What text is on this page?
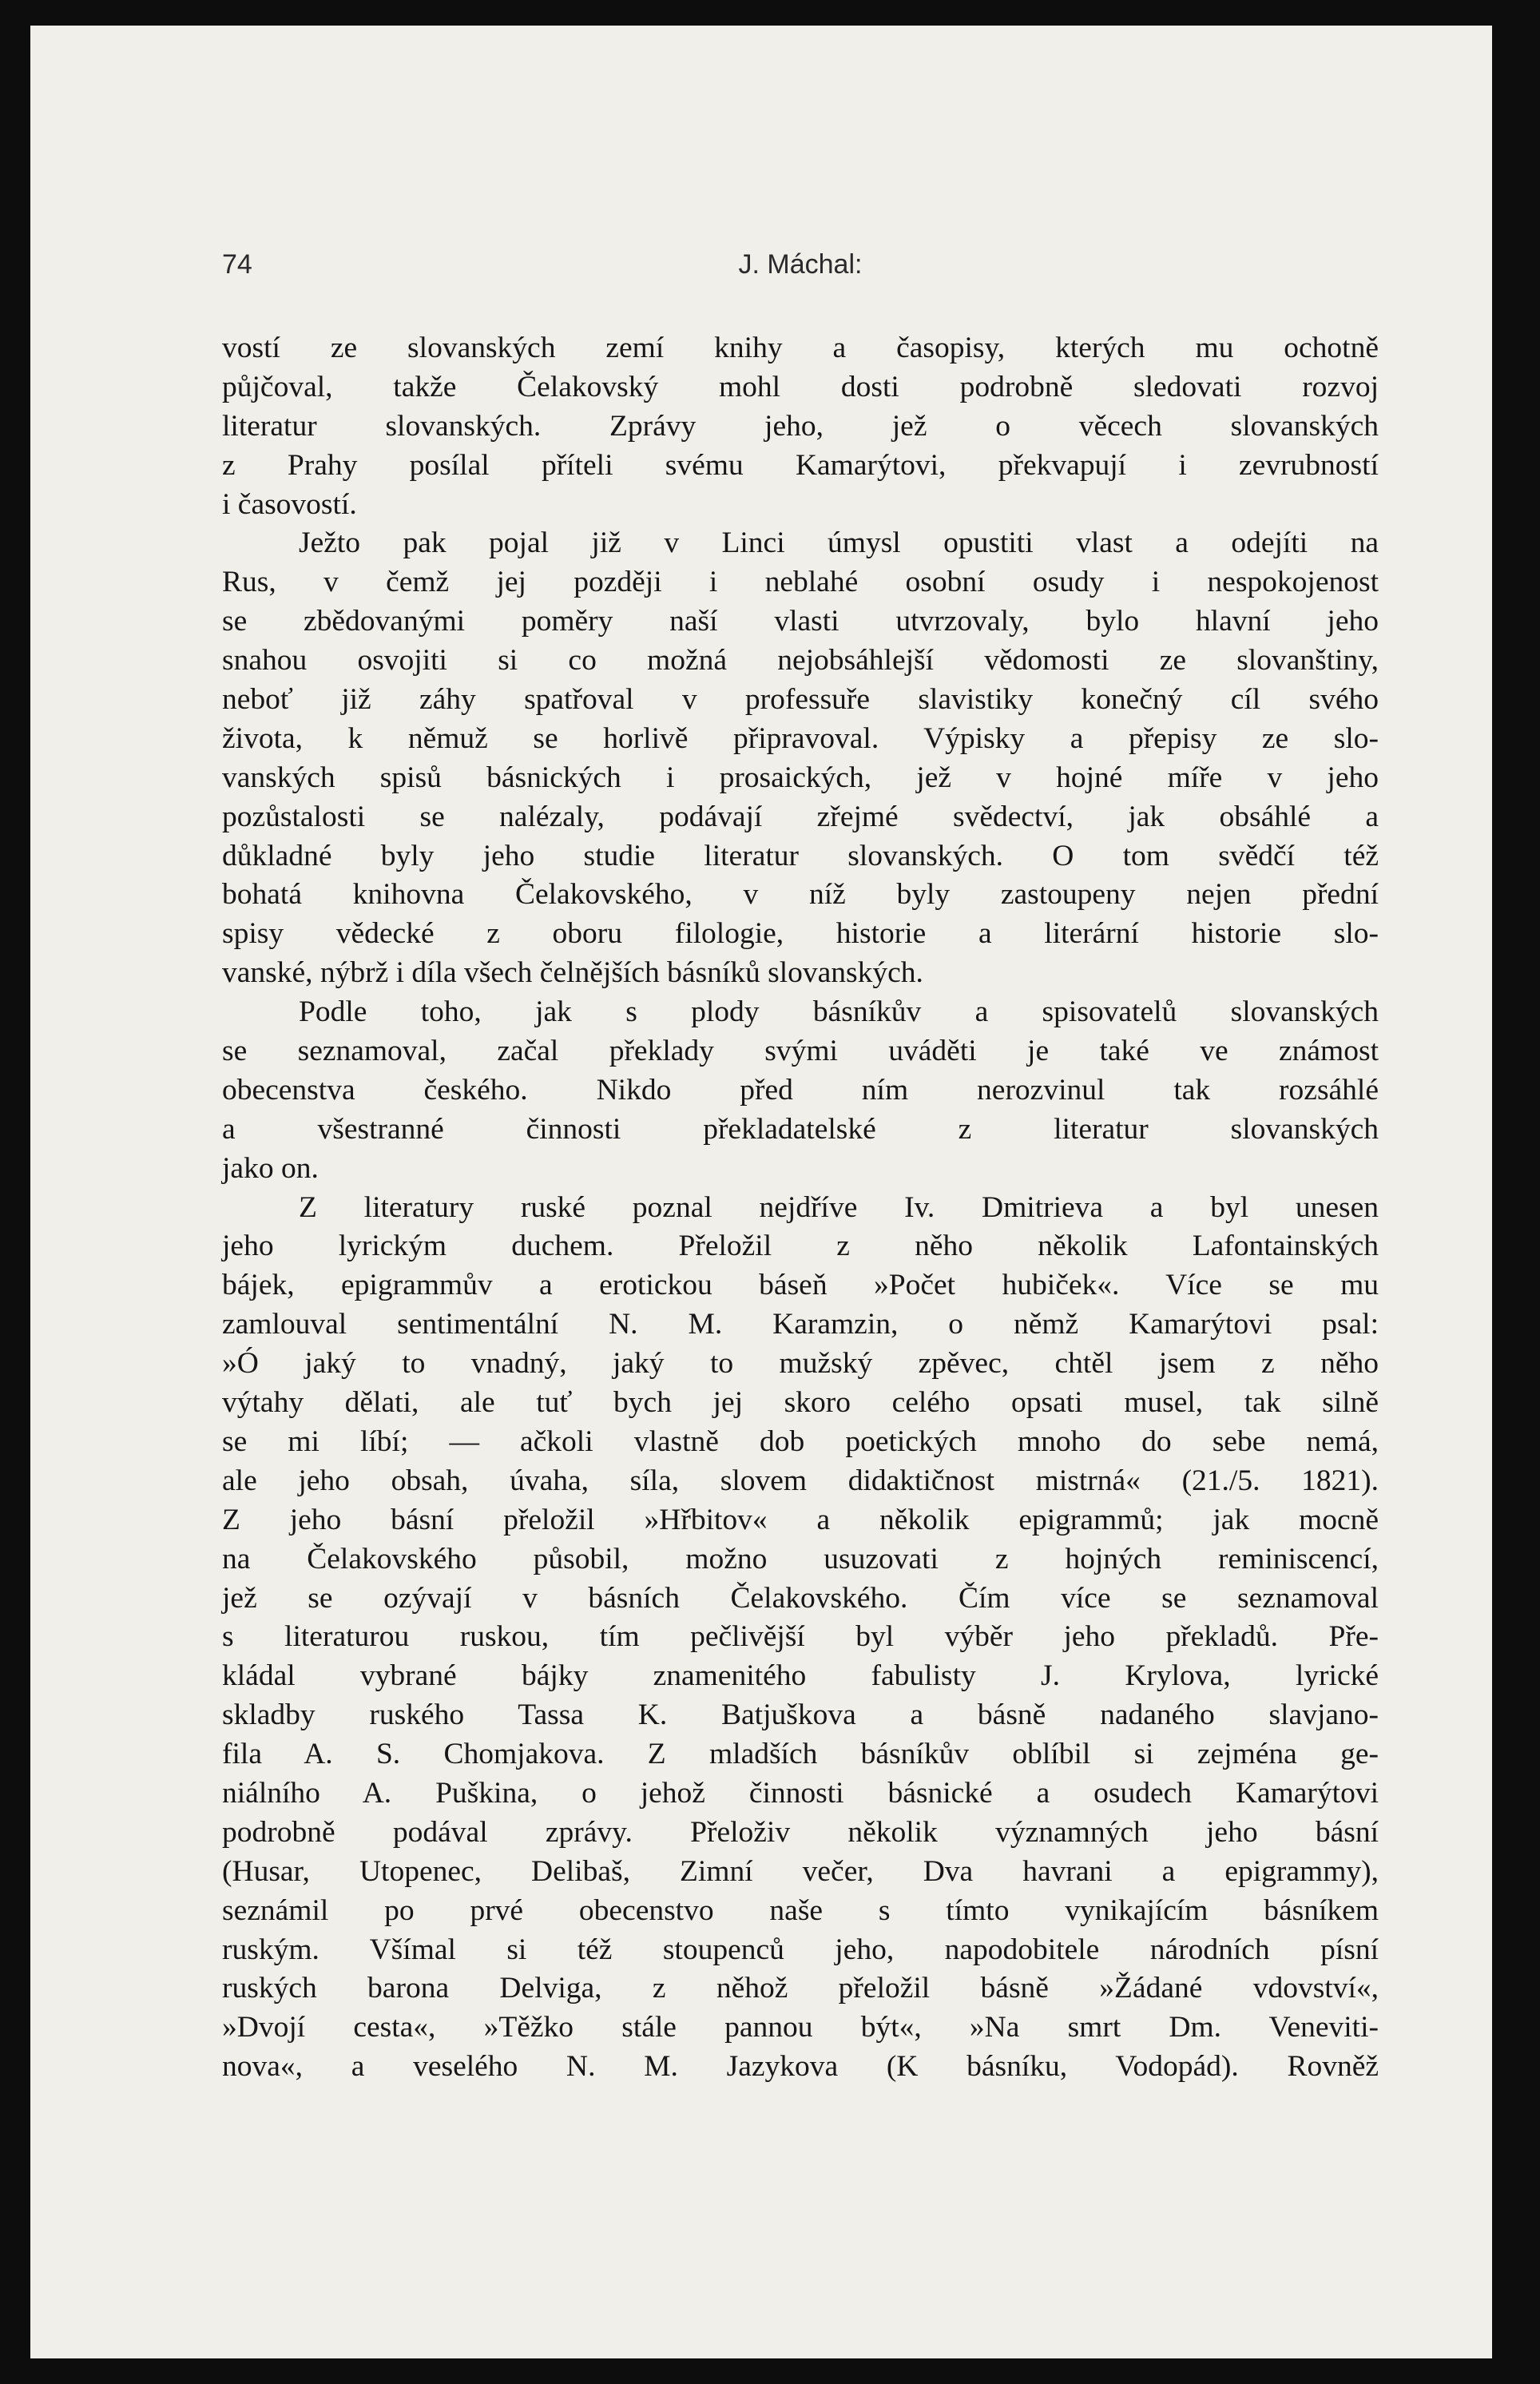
74	J. Máchal:
vostí ze slovanských zemí knihy a časopisy, kterých mu ochotně
půjčoval, takže Čelakovský mohl dosti podrobně sledovati rozvoj
literatur slovanských. Zprávy jeho, jež o věcech slovanských
z Prahy posílal příteli svému Kamarýtovi, překvapují i zevrubností
i časovostí.
Ježto pak pojal již v Linci úmysl opustiti vlast a odejíti na
Rus, v čemž jej později i neblahé osobní osudy i nespokojenost
se zbědovanými poměry naší vlasti utvrzovaly, bylo hlavní jeho
snahou osvojiti si co možná nejobsáhlejší vědomosti ze slovanštiny,
neboť již záhy spatřoval v professuře slavistiky konečný cíl svého
života, k němuž se horlivě připravoval. Výpisky a přepisy ze slo-
vanských spisů básnických i prosaických, jež v hojné míře v jeho
pozůstalosti se nalézaly, podávají zřejmé svědectví, jak obsáhlé a
důkladné byly jeho studie literatur slovanských. O tom svědčí též
bohatá knihovna Čelakovského, v níž byly zastoupeny nejen přední
spisy vědecké z oboru filologie, historie a literární historie slo-
vanské, nýbrž i díla všech čelnějších básníků slovanských.
Podle toho, jak s plody básníkův a spisovatelů slovanských
se seznamoval, začal překlady svými uváděti je také ve známost
obecenstva českého. Nikdo před ním nerozvinul tak rozsáhlé
a všestranné činnosti překladatelské z literatur slovanských
jako on.
Z literatury ruské poznal nejdříve Iv. Dmitrieva a byl unesen
jeho lyrickým duchem. Přeložil z něho několik Lafontainských
bájek, epigrammův a erotickou báseň »Počet hubiček«. Více se mu
zamlouval sentimentální N. M. Karamzin, o němž Kamarýtovi psal:
»Ó jaký to vnadný, jaký to mužský zpěvec, chtěl jsem z něho
výtahy dělati, ale tuť bych jej skoro celého opsati musel, tak silně
se mi líbí; — ačkoli vlastně dob poetických mnoho do sebe nemá,
ale jeho obsah, úvaha, síla, slovem didaktičnost mistrná« (21./5. 1821).
Z jeho básní přeložil »Hřbitov« a několik epigrammů; jak mocně
na Čelakovského působil, možno usuzovati z hojných reminiscencí,
jež se ozývají v básních Čelakovského. Čím více se seznamoval
s literaturou ruskou, tím pečlivější byl výběr jeho překladů. Pře-
kládal vybrané bájky znamenitého fabulisty J. Krylova, lyrické
skladby ruského Tassa K. Batjuškova a básně nadaného slavjano-
fila A. S. Chomjakova. Z mladších básníkův oblíbil si zejména ge-
niálního A. Puškina, o jehož činnosti básnické a osudech Kamarýtovi
podrobně podával zprávy. Přeloživ několik významných jeho básní
(Husar, Utopenec, Delibaš, Zimní večer, Dva havrani a epigrammy),
seznámil po prvé obecenstvo naše s tímto vynikajícím básníkem
ruským. Všímal si též stoupenců jeho, napodobitele národních písní
ruských barona Delviga, z něhož přeložil básně »Žádané vdovství«,
»Dvojí cesta«, »Těžko stále pannou být«, »Na smrt Dm. Veneviti-
nova«, a veselého N. M. Jazykova (K básníku, Vodopád). Rovněž
